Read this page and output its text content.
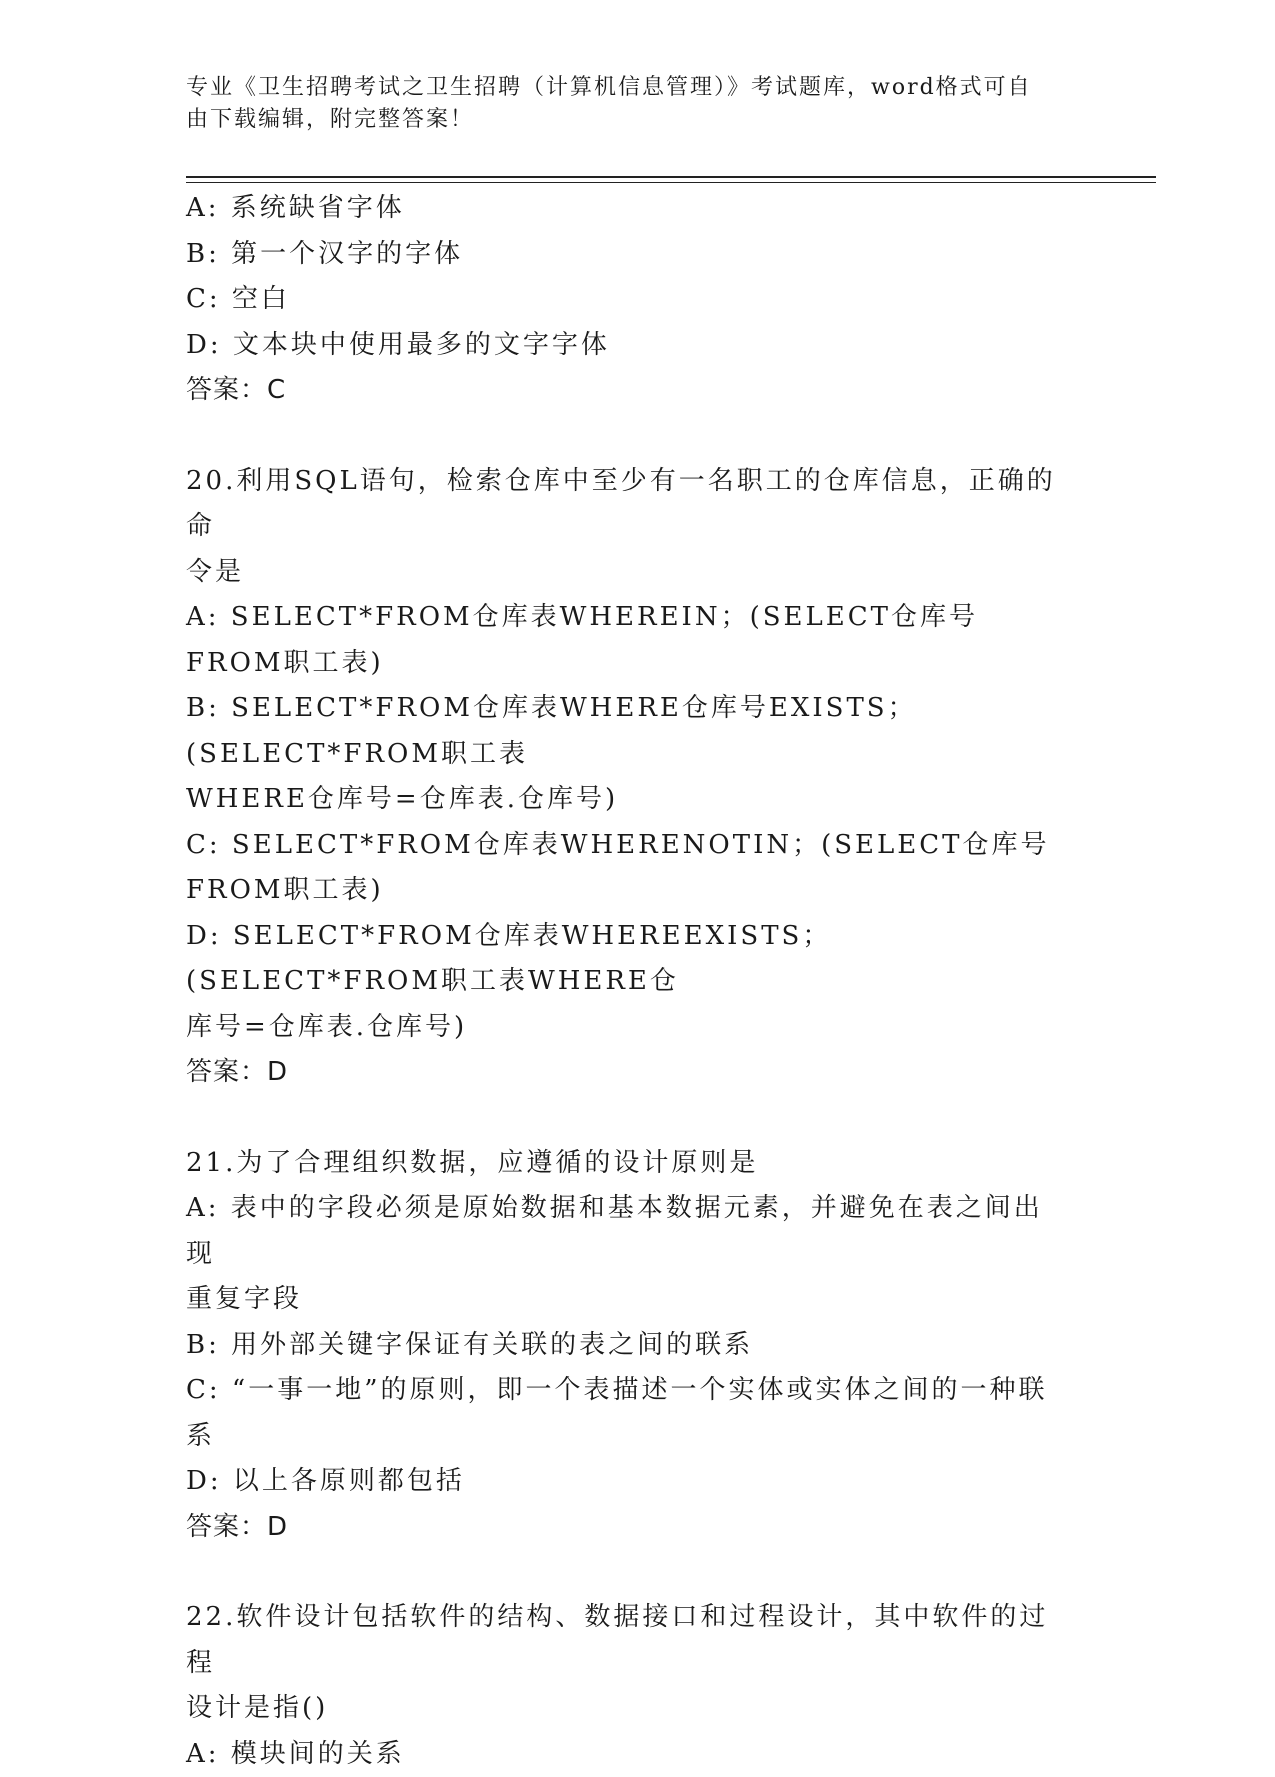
专业《卫生招聘考试之卫生招聘（计算机信息管理）》考试题库，word格式可自
由下载编辑，附完整答案！

A: 系统缺省字体

B: 第一个汉字的字体

C: 空白

D: 文本块中使用最多的文字字体

答案：C

20.利用SQL语句，检索仓库中至少有一名职工的仓库信息，正确的命

令是

A: SELECT*FROM仓库表WHEREIN；(SELECT仓库号FROM职工表)

B: SELECT*FROM仓库表WHERE仓库号EXISTS；(SELECT*FROM职工表

WHERE仓库号=仓库表.仓库号)

C: SELECT*FROM仓库表WHERENOTIN；(SELECT仓库号FROM职工表)

D: SELECT*FROM仓库表WHEREEXISTS；(SELECT*FROM职工表WHERE仓

库号=仓库表.仓库号)

答案：D

21.为了合理组织数据，应遵循的设计原则是

A: 表中的字段必须是原始数据和基本数据元素，并避免在表之间出现

重复字段

B: 用外部关键字保证有关联的表之间的联系

C: “一事一地”的原则，即一个表描述一个实体或实体之间的一种联

系

D: 以上各原则都包括

答案：D

22.软件设计包括软件的结构、数据接口和过程设计，其中软件的过程

设计是指()

A: 模块间的关系
